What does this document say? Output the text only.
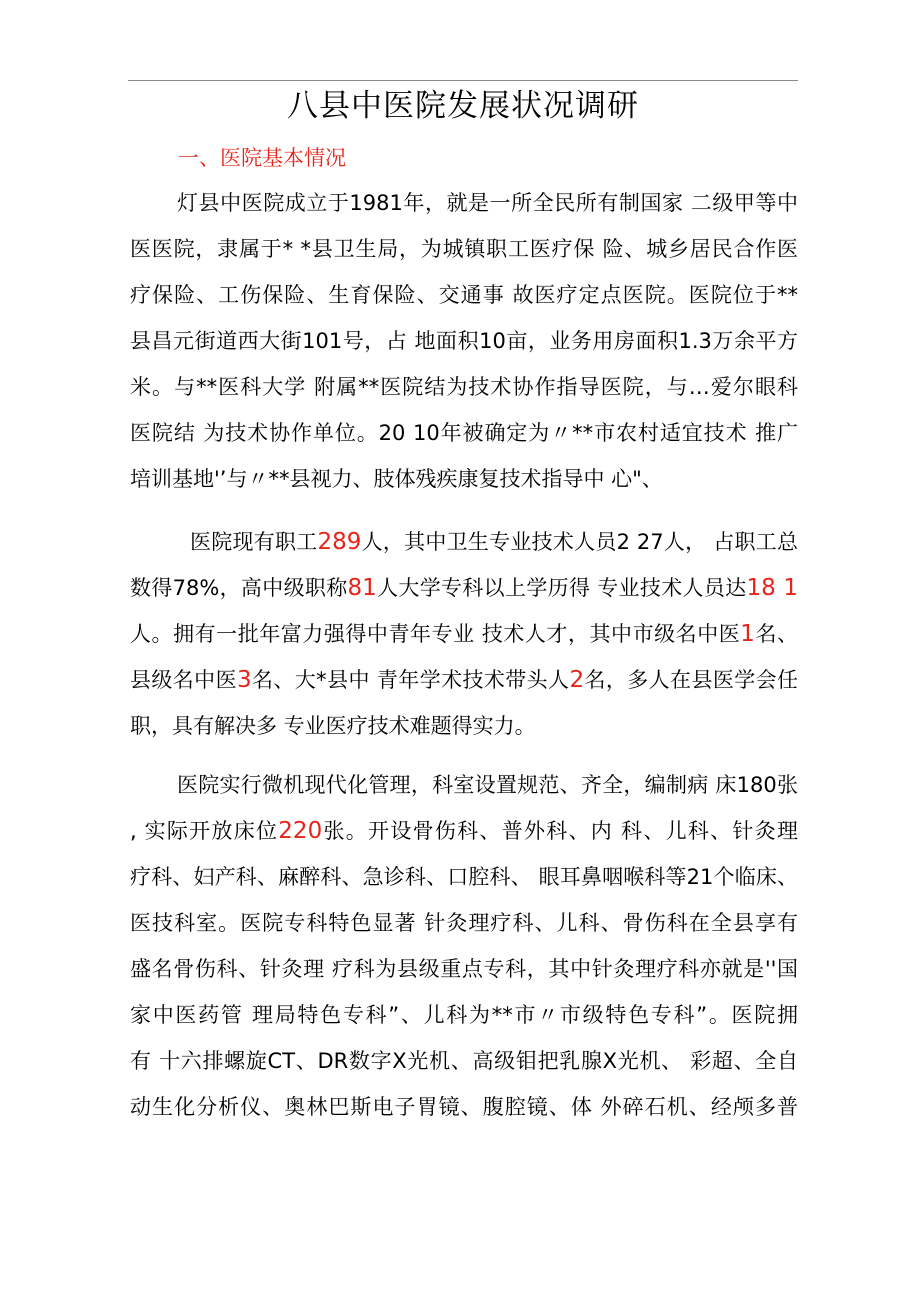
八县中医院发展状况调研
一、医院基本情况
灯县中医院成立于1981年，就是一所全民所有制国家 二级甲等中
医医院，隶属于* *县卫生局，为城镇职工医疗保 险、城乡居民合作医
疗保险、工伤保险、生育保险、交通事 故医疗定点医院。医院位于**
县昌元街道西大街101号，占 地面积10亩，业务用房面积1.3万余平方
米。与**医科大学 附属**医院结为技术协作指导医院，与…爱尔眼科
医院结 为技术协作单位。20 10年被确定为〃**市农村适宜技术 推广
培训基地'’与〃**县视力、肢体残疾康复技术指导中 心"、
医院现有职工289人，其中卫生专业技术人员2 27人， 占职工总
数得78%，高中级职称81人大学专科以上学历得 专业技术人员达18 1
人。拥有一批年富力强得中青年专业 技术人才，其中市级名中医1名、
县级名中医3名、大*县中 青年学术技术带头人2名，多人在县医学会任
职，具有解决多 专业医疗技术难题得实力。
医院实行微机现代化管理，科室设置规范、齐全，编制病 床180张
, 实际开放床位220张。开设骨伤科、普外科、内 科、儿科、针灸理
疗科、妇产科、麻醉科、急诊科、口腔科、 眼耳鼻咽喉科等21个临床、
医技科室。医院专科特色显著 针灸理疗科、儿科、骨伤科在全县享有
盛名骨伤科、针灸理 疗科为县级重点专科，其中针灸理疗科亦就是''国
家中医药管 理局特色专科”、儿科为**市〃市级特色专科”。医院拥
有 十六排螺旋CT、DR数字X光机、高级钼把乳腺X光机、 彩超、全自
动生化分析仪、奥林巴斯电子胃镜、腹腔镜、体 外碎石机、经颅多普
